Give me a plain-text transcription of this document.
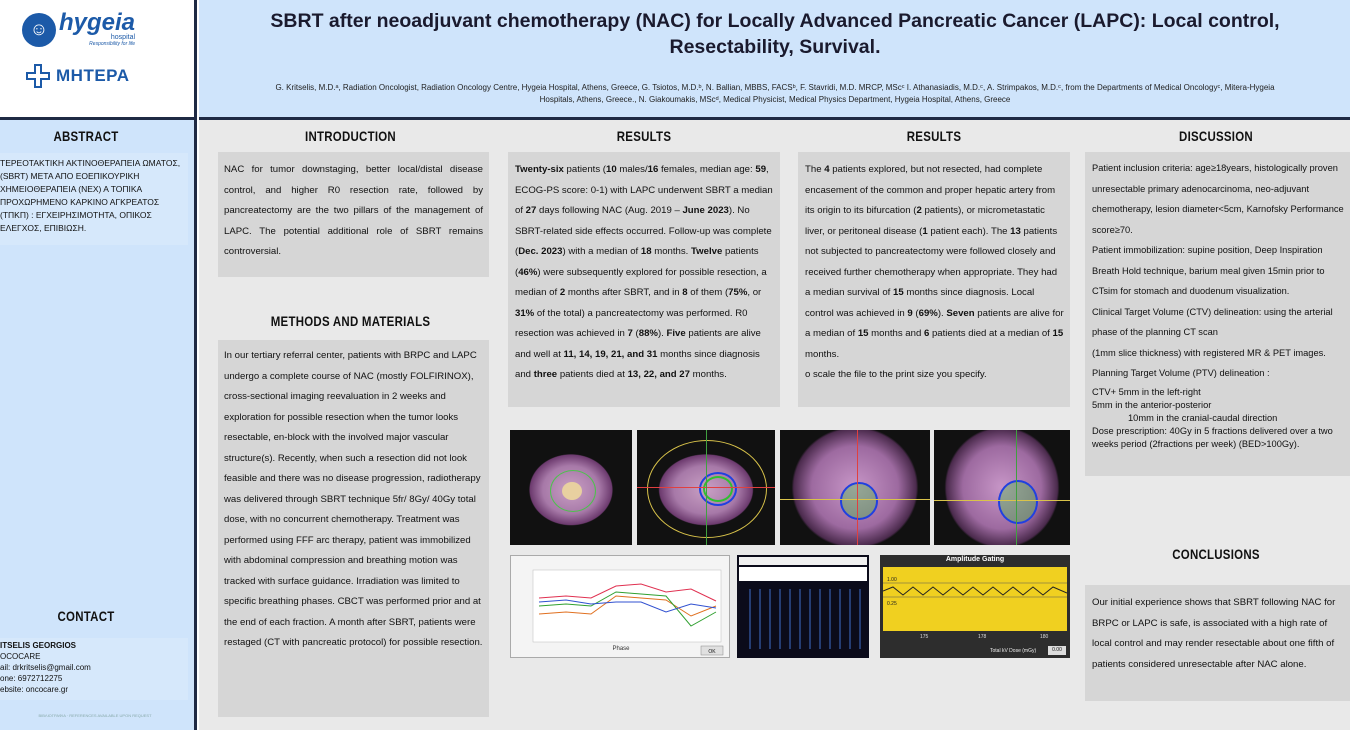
☺ hygeia
hospital
Responsibility for life
ΜΗΤΕΡΑ
SBRT after neoadjuvant chemotherapy (NAC) for Locally Advanced Pancreatic Cancer (LAPC): Local control, Resectability, Survival.
G. Kritselis, M.D.ᵃ, Radiation Oncologist, Radiation Oncology Centre, Hygeia Hospital, Athens, Greece, G. Tsiotos, M.D.ᵇ, N. Ballian, MBBS, FACSᵇ, F. Stavridi, M.D. MRCP, MScᶜ I. Athanasiadis, M.D.ᶜ, A. Strimpakos, M.D.ᶜ, from the Departments of Medical Oncologyᶜ, Mitera-Hygeia Hospitals, Athens, Greece., N. Giakoumakis, MScᵈ, Medical Physicist, Medical Physics Department, Hygeia Hospital, Athens, Greece
ABSTRACT
ΤΕΡΕΟΤΑΚΤΙΚΗ ΑΚΤΙΝΟΘΕΡΑΠΕΙΑ ΩΜΑΤΟΣ, (SBRT) ΜΕΤΑ ΑΠΟ ΕΟΕΠΙΚΟΥΡΙΚΗ ΧΗΜΕΙΟΘΕΡΑΠΕΙΑ (ΝΕΧ) Α ΤΟΠΙΚΑ ΠΡΟΧΩΡΗΜΕΝΟ ΚΑΡΚΙΝΟ ΑΓΚΡΕΑΤΟΣ (ΤΠΚΠ) : ΕΓΧΕΙΡΗΣΙΜΟΤΗΤΑ, ΟΠΙΚΟΣ ΕΛΕΓΧΟΣ, ΕΠΙΒΙΩΣΗ.
CONTACT
ITSELIS GEORGIOS
OCOCARE
ail: drkritselis@gmail.com
one: 6972712275
ebsite: oncocare.gr
ΒΙΒΛΙΟΓΡΑΦΙΑ · REFERENCES AVAILABLE UPON REQUEST
INTRODUCTION
NAC for tumor downstaging, better local/distal disease control, and higher R0 resection rate, followed by pancreatectomy are the two pillars of the management of LAPC. The potential additional role of SBRT remains controversial.
METHODS AND MATERIALS
In our tertiary referral center, patients with BRPC and LAPC undergo a complete course of NAC (mostly FOLFIRINOX), cross-sectional imaging reevaluation in 2 weeks and exploration for possible resection when the tumor looks resectable, en-block with the involved major vascular structure(s). Recently, when such a resection did not look feasible and there was no disease progression, radiotherapy was delivered through SBRT technique 5fr/ 8Gy/ 40Gy total dose, with no concurrent chemotherapy. Treatment was performed using FFF arc therapy, patient was immobilized with abdominal compression and breathing motion was tracked with surface guidance. Irradiation was limited to specific breathing phases. CBCT was performed prior and at the end of each fraction. A month after SBRT, patients were restaged (CT with pancreatic protocol) for possible resection.
RESULTS
Twenty-six patients (10 males/16 females, median age: 59, ECOG-PS score: 0-1) with LAPC underwent SBRT a median of 27 days following NAC (Aug. 2019 – June 2023). No SBRT-related side effects occurred. Follow-up was complete (Dec. 2023) with a median of 18 months. Twelve patients (46%) were subsequently explored for possible resection, a median of 2 months after SBRT, and in 8 of them (75%, or 31% of the total) a pancreatectomy was performed. R0 resection was achieved in 7 (88%). Five patients are alive and well at 11, 14, 19, 21, and 31 months since diagnosis and three patients died at 13, 22, and 27 months.
RESULTS
The 4 patients explored, but not resected, had complete encasement of the common and proper hepatic artery from its origin to its bifurcation (2 patients), or micrometastatic liver, or peritoneal disease (1 patient each). The 13 patients not subjected to pancreatectomy were followed closely and received further chemotherapy when appropriate. They had a median survival of 15 months since diagnosis. Local control was achieved in 9 (69%). Seven patients are alive for a median of 15 months and 6 patients died at a median of 15 months.
o scale the file to the print size you specify.
DISCUSSION
Patient inclusion criteria: age≥18years, histologically proven unresectable primary adenocarcinoma, neo-adjuvant chemotherapy, lesion diameter<5cm, Karnofsky Performance score≥70.
Patient immobilization: supine position, Deep Inspiration Breath Hold technique, barium meal given 15min prior to CTsim for stomach and duodenum visualization.
Clinical Target Volume (CTV) delineation: using the arterial phase of the planning CT scan
(1mm slice thickness) with registered MR & PET images.
Planning Target Volume (PTV) delineation :
CTV+ 5mm in the left-right
5mm in the anterior-posterior
10mm in the cranial-caudal direction
Dose prescription: 40Gy in 5 fractions delivered over a two weeks period (2fractions per week) (BED>100Gy).
CONCLUSIONS
Our initial experience shows that SBRT following NAC for BRPC or LAPC is safe, is associated with a high rate of local control and may render resectable about one fifth of patients considered unresectable after NAC alone.
Phase	OK
Amplitude Gating
1.00
0.25
175	178	180
Total kV Dose (mGy)	0.00
